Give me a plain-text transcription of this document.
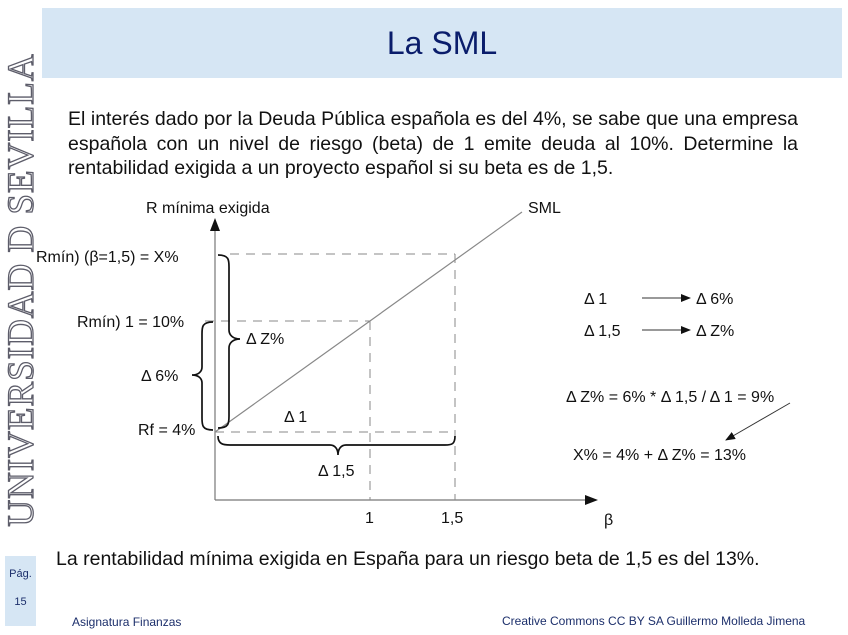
UNIVERSIDAD D SEVILLA
La SML
El interés dado por la Deuda Pública española es del 4%, se sabe que una empresa española con un nivel de riesgo (beta) de 1 emite deuda al 10%. Determine la rentabilidad exigida a un proyecto español si su beta es de 1,5.
R mínima exigida
β
SML
Rmín) (β=1,5) = X%
Rmín) 1 = 10%
Rf = 4%
1	1,5
Δ 6%
Δ Z%
Δ 1
Δ 1,5
Δ 1	Δ 6%
Δ 1,5	Δ Z%
Δ Z% = 6% * Δ 1,5 / Δ 1 = 9%
X% = 4% + Δ Z% = 13%
La rentabilidad mínima exigida en España para un riesgo beta de 1,5 es del 13%.
Pág.
15
Asignatura Finanzas	Creative Commons CC BY SA Guillermo Molleda Jimena
